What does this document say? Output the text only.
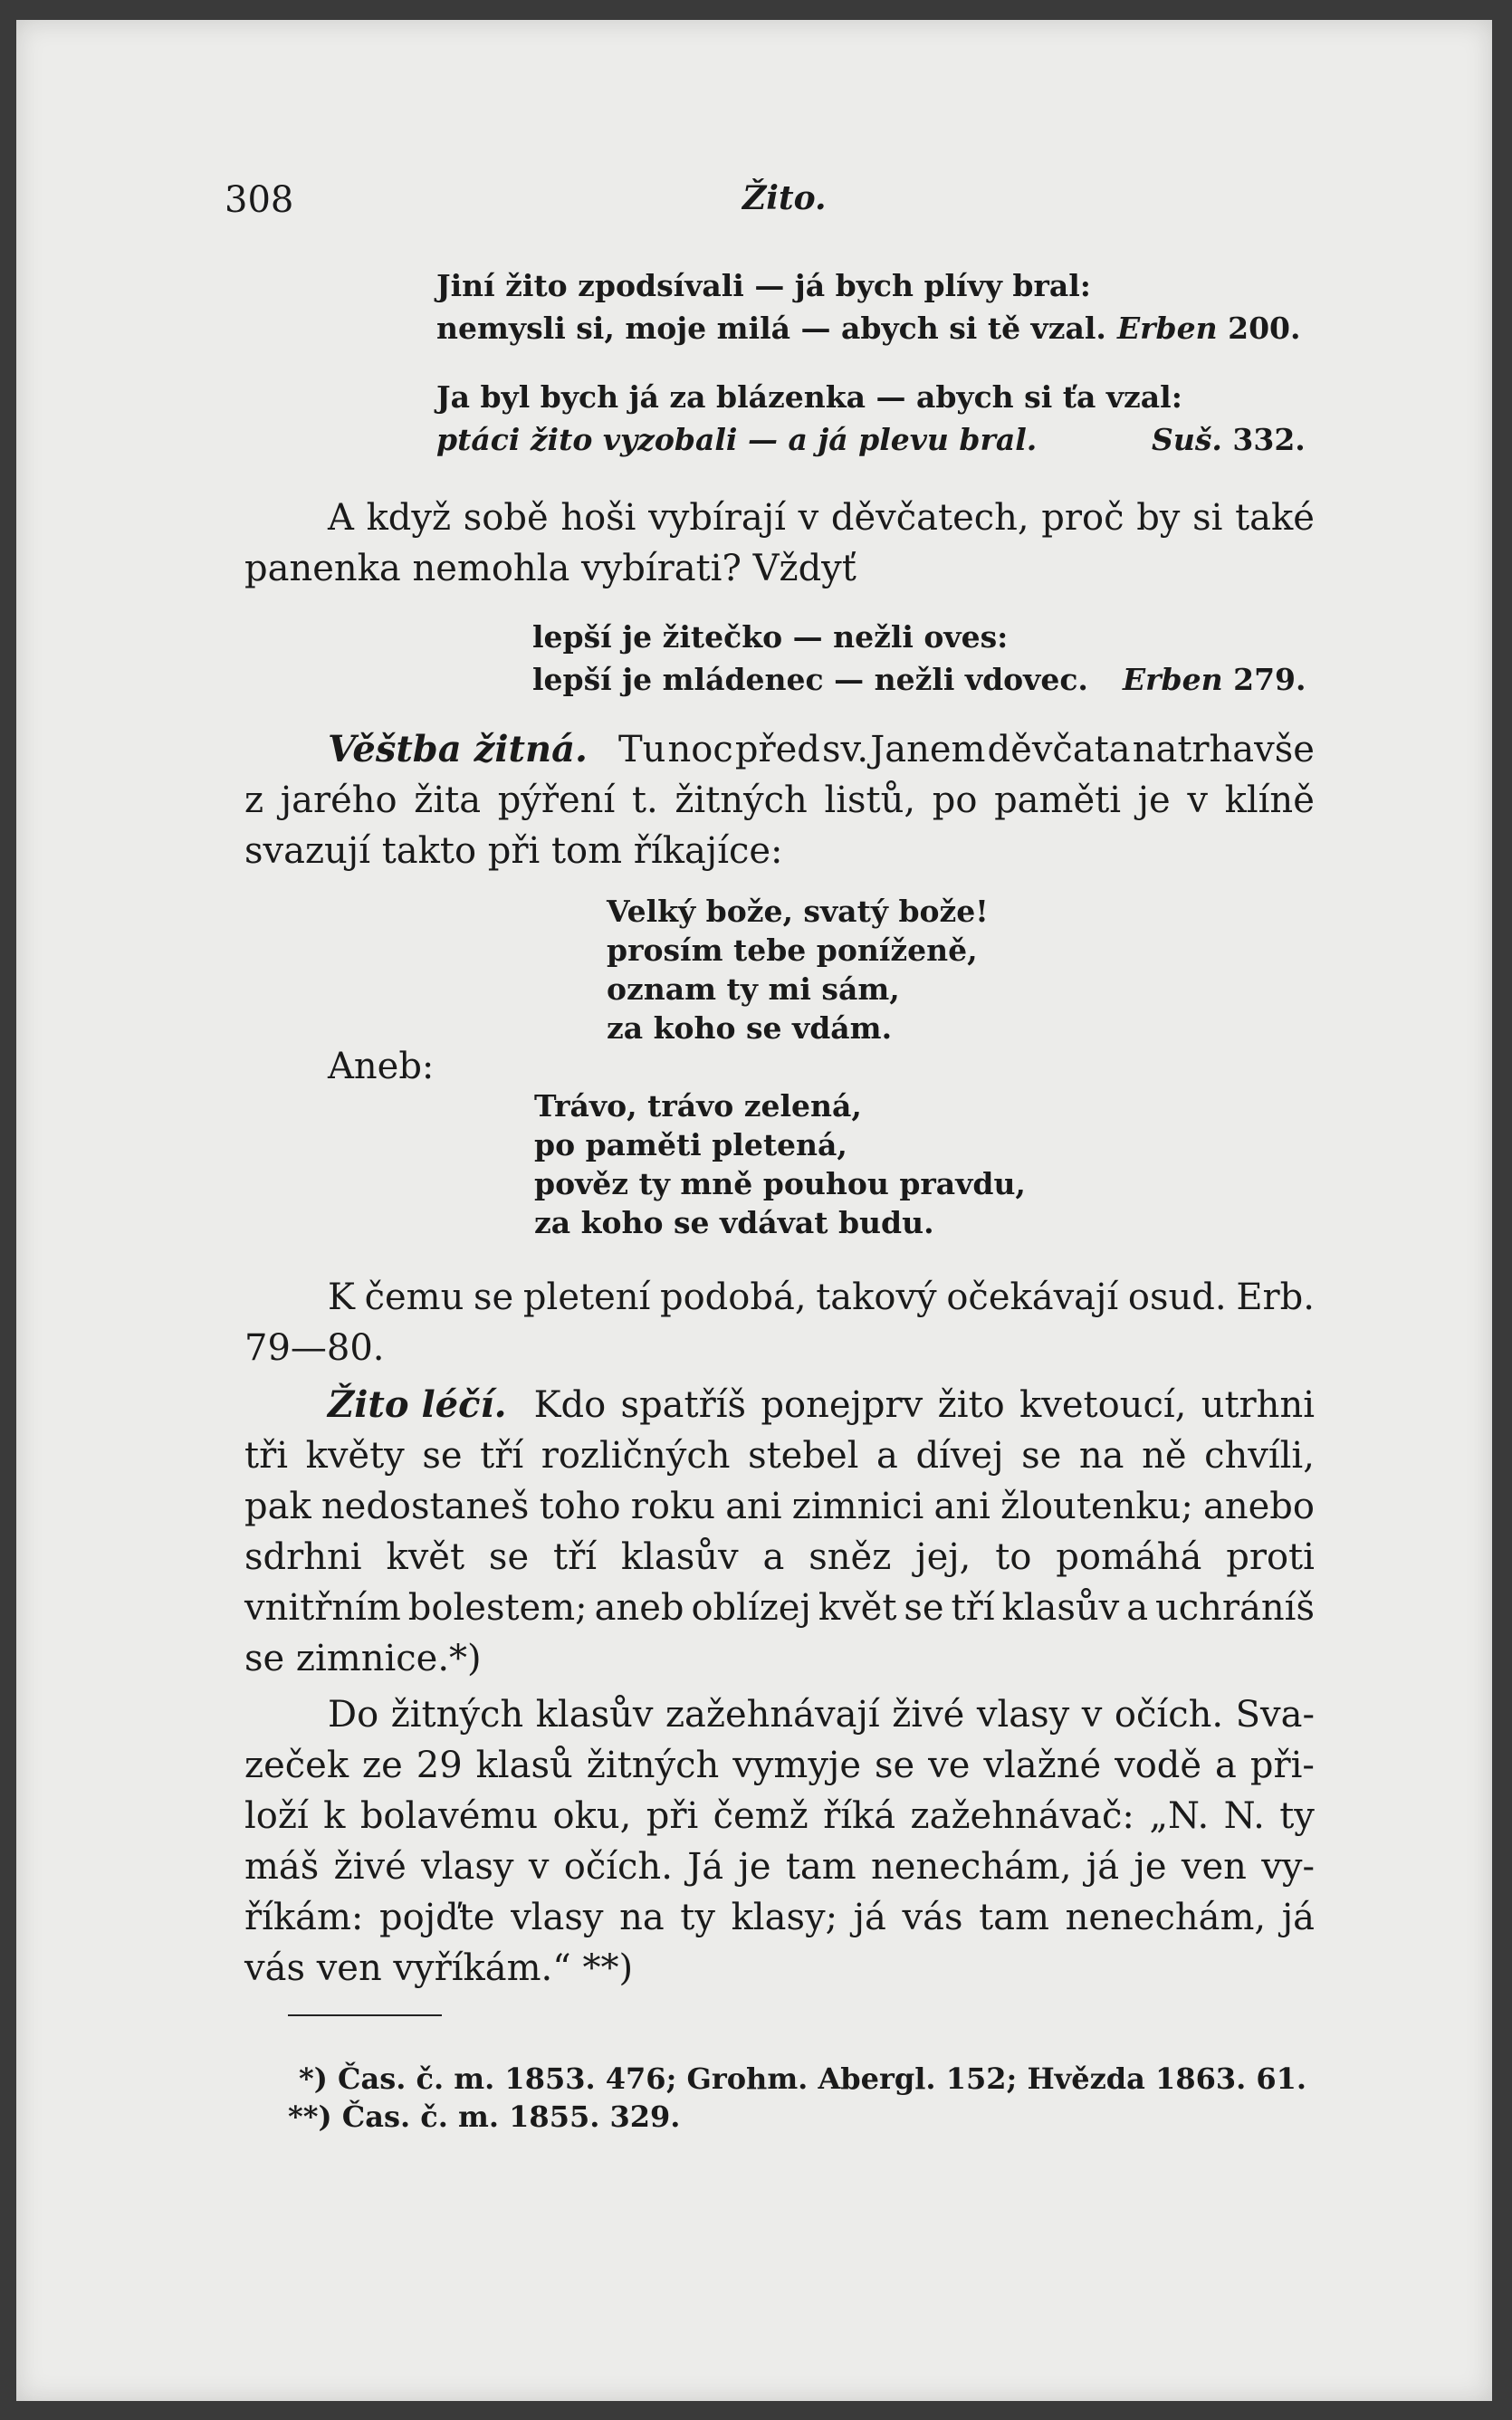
308	Žito.
Jiní žito zpodsívali — já bych plívy bral:
nemysli si, moje milá — abych si tě vzal. Erben 200.
Ja byl bych já za blázenka — abych si ťa vzal:
ptáci žito vyzobali — a já plevu bral.	Suš. 332.
A když sobě hoši vybírají v děvčatech, proč by si také
panenka nemohla vybírati? Vždyť
lepší je žitečko — nežli oves:
lepší je mládenec — nežli vdovec. Erben 279.
Věštba žitná. Tu noc před sv. Janem děvčata natrhavše
z jarého žita pýření t. žitných listů, po paměti je v klíně
svazují takto při tom říkajíce:
Velký bože, svatý bože!
prosím tebe poníženě,
oznam ty mi sám,
za koho se vdám.
Aneb:
Trávo, trávo zelená,
po paměti pletená,
pověz ty mně pouhou pravdu,
za koho se vdávat budu.
K čemu se pletení podobá, takový očekávají osud. Erb.
79—80.
Žito léčí. Kdo spatříš ponejprv žito kvetoucí, utrhni
tři květy se tří rozličných stebel a dívej se na ně chvíli,
pak nedostaneš toho roku ani zimnici ani žloutenku; anebo
sdrhni květ se tří klasův a sněz jej, to pomáhá proti
vnitřním bolestem; aneb oblízej květ se tří klasův a uchráníš
se zimnice.*)
Do žitných klasův zažehnávají živé vlasy v očích. Sva-
zeček ze 29 klasů žitných vymyje se ve vlažné vodě a při-
loží k bolavému oku, při čemž říká zažehnávač: „N. N. ty
máš živé vlasy v očích. Já je tam nenechám, já je ven vy-
říkám: pojďte vlasy na ty klasy; já vás tam nenechám, já
vás ven vyříkám.“ **)
*) Čas. č. m. 1853. 476; Grohm. Abergl. 152; Hvězda 1863. 61.
**) Čas. č. m. 1855. 329.
